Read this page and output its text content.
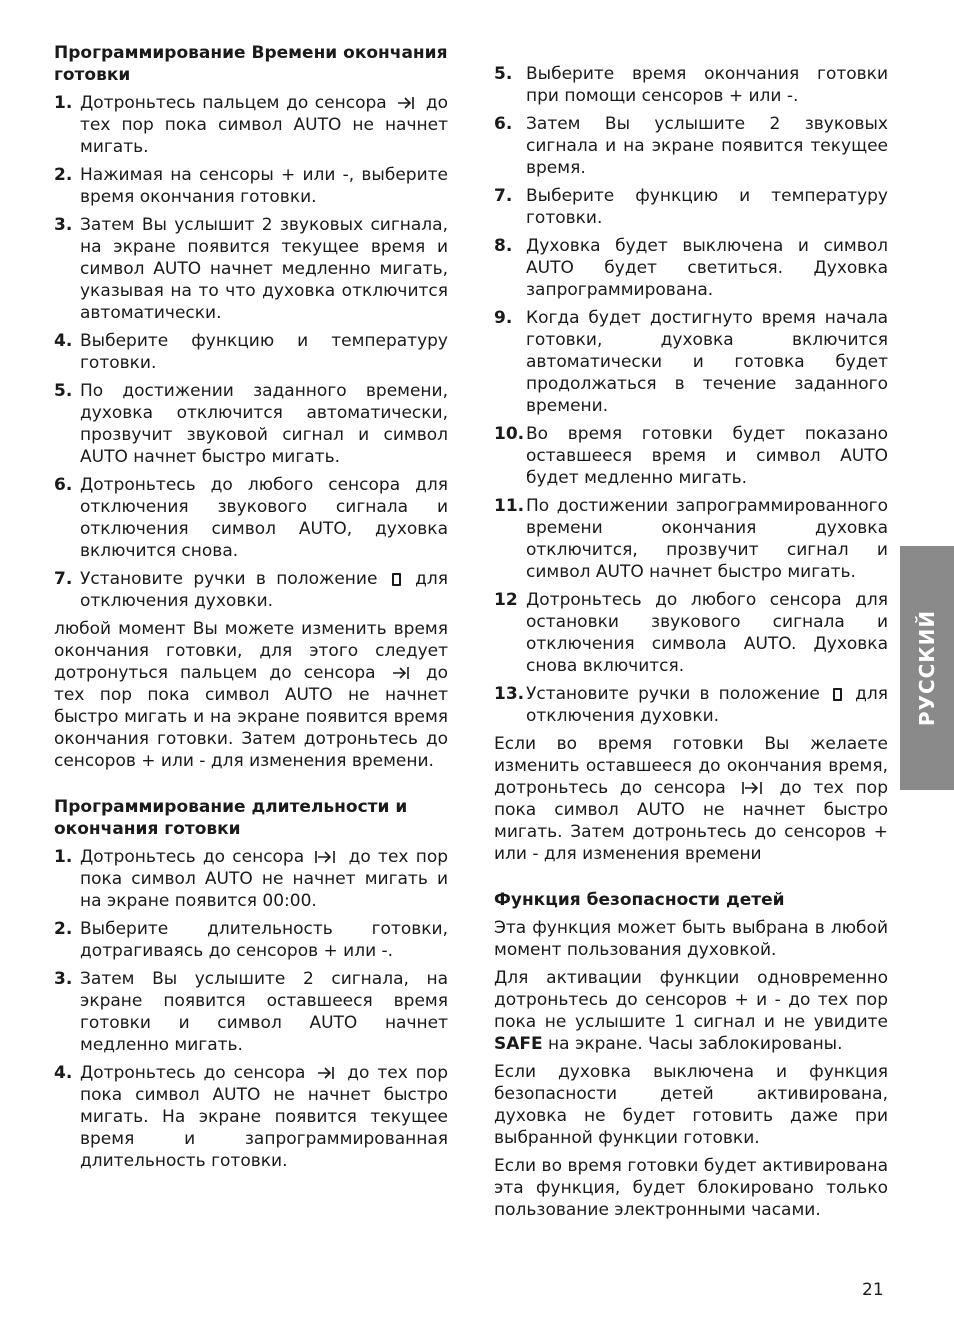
Программирование Времени окончания готовки
1. Дотроньтесь пальцем до сенсора до тех пор пока символ AUTO не начнет мигать.
2. Нажимая на сенсоры + или -, выберите время окончания готовки.
3. Затем Вы услышит 2 звуковых сигнала, на экране появится текущее время и символ AUTO начнет медленно мигать, указывая на то что духовка отключится автоматически.
4. Выберите функцию и температуру готовки.
5. По достижении заданного времени, духовка отключится автоматически, прозвучит звуковой сигнал и символ AUTO начнет быстро мигать.
6. Дотроньтесь до любого сенсора для отключения звукового сигнала и отключения символ AUTO, духовка включится снова.
7. Установите ручки в положение для отключения духовки.

любой момент Вы можете изменить время окончания готовки, для этого следует дотронуться пальцем до сенсора	до тех пор пока символ AUTO не начнет быстро мигать и на экране появится время окончания готовки. Затем дотроньтесь до сенсоров + или - для изменения времени.

Программирование длительности и окончания готовки
1. Дотроньтесь до сенсора	до тех пор пока символ AUTO не начнет мигать и на экране появится 00:00.
2. Выберите длительность готовки, дотрагиваясь до сенсоров + или -.
3. Затем Вы услышите 2 сигнала, на экране появится оставшееся время готовки и символ AUTO начнет медленно мигать.
4. Дотроньтесь до сенсора до тех пор пока символ AUTO не начнет быстро мигать. На экране появится текущее время и запрограммированная длительность готовки.
5. Выберите время окончания готовки при помощи сенсоров + или -.
6. Затем Вы услышите 2 звуковых сигнала и на экране появится текущее время.
7. Выберите функцию и температуру готовки.
8. Духовка будет выключена и символ AUTO будет светиться. Духовка запрограммирована.
9. Когда будет достигнуто время начала готовки, духовка включится автоматически и готовка будет продолжаться в течение заданного времени.
10. Во время готовки будет показано оставшееся время и символ AUTO будет медленно мигать.
11. По достижении запрограммированного времени окончания духовка отключится, прозвучит сигнал и символ AUTO начнет быстро мигать.
12 Дотроньтесь до любого сенсора для остановки звукового сигнала и отключения символа AUTO. Духовка снова включится.
13. Установите ручки в положение для отключения духовки.

Если во время готовки Вы желаете изменить оставшееся до окончания время, дотроньтесь до сенсора	до тех пор пока символ AUTO не начнет быстро мигать. Затем дотроньтесь до сенсоров + или - для изменения времени

Функция безопасности детей

Эта функция может быть выбрана в любой момент пользования духовкой.

Для активации функции одновременно дотроньтесь до сенсоров + и - до тех пор пока не услышите 1 сигнал и не увидите SAFE на экране. Часы заблокированы.

Если духовка выключена и функция безопасности детей активирована, духовка не будет готовить даже при выбранной функции готовки.

Если во время готовки будет активирована эта функция, будет блокировано только пользование электронными часами.

РУССКИЙ
21
